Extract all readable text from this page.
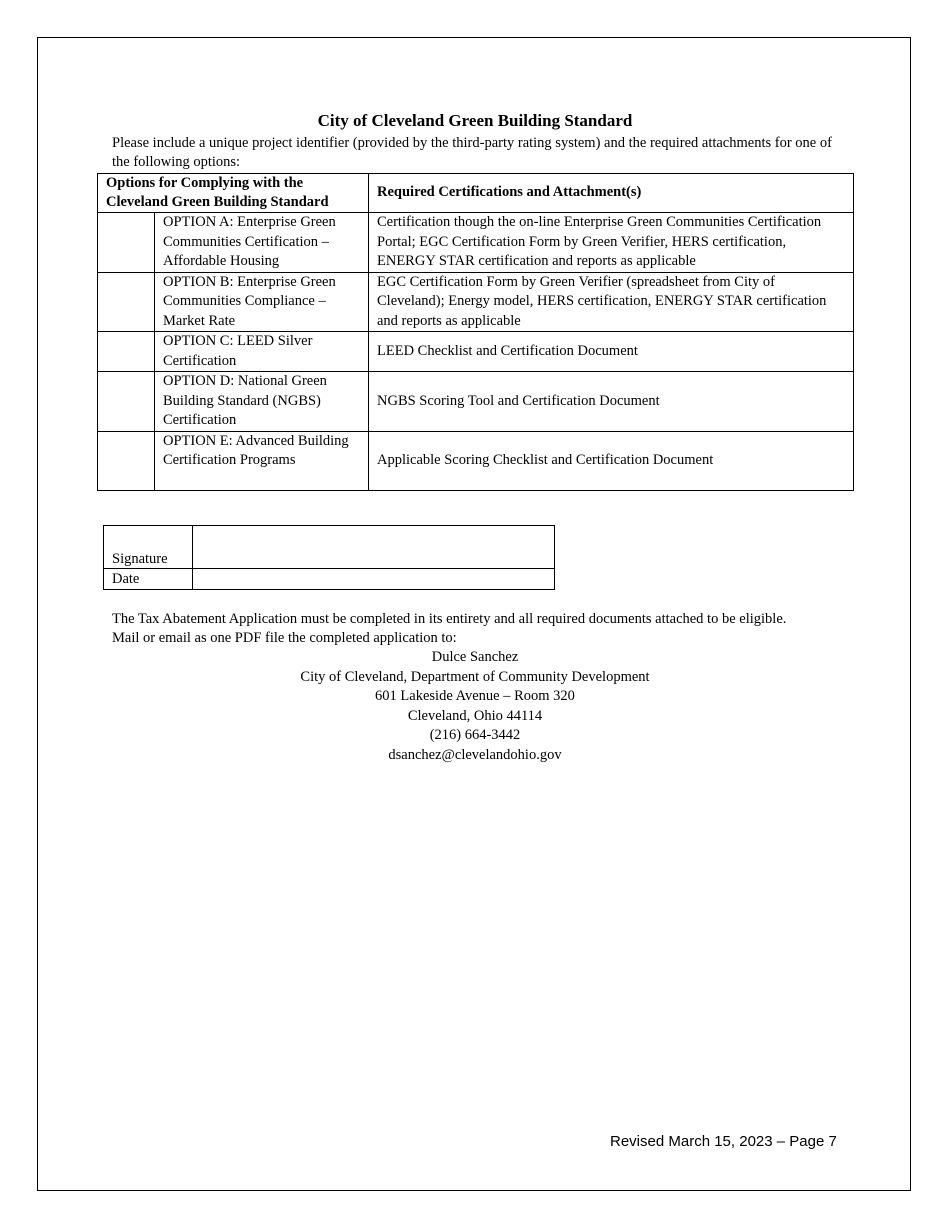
City of Cleveland Green Building Standard
Please include a unique project identifier (provided by the third-party rating system) and the required attachments for one of the following options:
Options for Complying with the
Cleveland Green Building Standard		Required Certifications and Attachment(s)
	OPTION A: Enterprise Green Communities Certification – Affordable Housing	Certification though the on-line Enterprise Green Communities Certification Portal; EGC Certification Form by Green Verifier, HERS certification, ENERGY STAR certification and reports as applicable
	OPTION B: Enterprise Green Communities Compliance – Market Rate	EGC Certification Form by Green Verifier (spreadsheet from City of Cleveland); Energy model, HERS certification, ENERGY STAR certification and reports as applicable
	OPTION C: LEED Silver Certification	LEED Checklist and Certification Document
	OPTION D: National Green Building Standard (NGBS) Certification	NGBS Scoring Tool and Certification Document
	OPTION E: Advanced Building Certification Programs	Applicable Scoring Checklist and Certification Document
Signature	
Date	
The Tax Abatement Application must be completed in its entirety and all required documents attached to be eligible.
Mail or email as one PDF file the completed application to:
Dulce Sanchez
City of Cleveland, Department of Community Development
601 Lakeside Avenue – Room 320
Cleveland, Ohio 44114
(216) 664-3442
dsanchez@clevelandohio.gov
Revised March 15, 2023 – Page 7
